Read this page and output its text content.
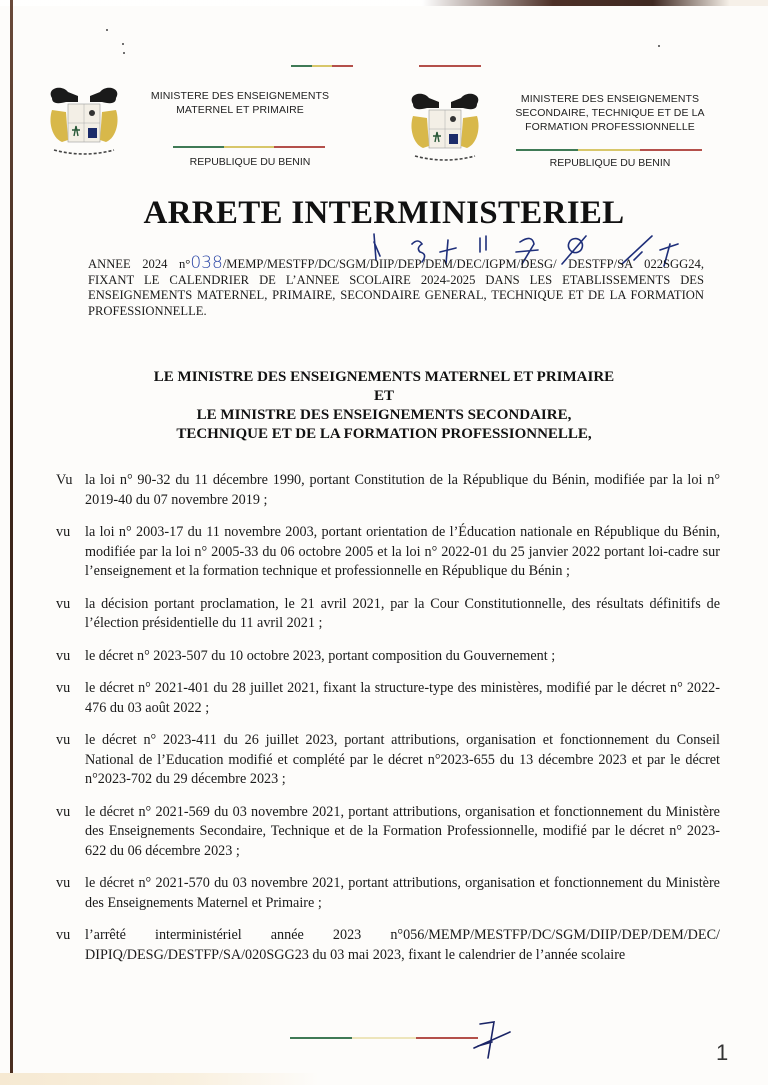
MINISTERE DES ENSEIGNEMENTS
MATERNEL ET PRIMAIRE
REPUBLIQUE DU BENIN
MINISTERE DES ENSEIGNEMENTS
SECONDAIRE, TECHNIQUE ET DE LA
FORMATION PROFESSIONNELLE
REPUBLIQUE DU BENIN
ARRETE INTERMINISTERIEL
ANNEE 2024 n°038/MEMP/MESTFP/DC/SGM/DIIP/DEP/DEM/DEC/IGPM/DESG/ DESTFP/SA 022SGG24, FIXANT LE CALENDRIER DE L’ANNEE SCOLAIRE 2024-2025 DANS LES ETABLISSEMENTS DES ENSEIGNEMENTS MATERNEL, PRIMAIRE, SECONDAIRE GENERAL, TECHNIQUE ET DE LA FORMATION PROFESSIONNELLE.
LE MINISTRE DES ENSEIGNEMENTS MATERNEL ET PRIMAIRE
ET
LE MINISTRE DES ENSEIGNEMENTS SECONDAIRE,
TECHNIQUE ET DE LA FORMATION PROFESSIONNELLE,
Vu la loi n° 90-32 du 11 décembre 1990, portant Constitution de la République du Bénin, modifiée par la loi n° 2019-40 du 07 novembre 2019 ;
vu	la loi n° 2003-17 du 11 novembre 2003, portant orientation de l’Éducation nationale en République du Bénin, modifiée par la loi n° 2005-33 du 06 octobre 2005 et la loi n° 2022-01 du 25 janvier 2022 portant loi-cadre sur l’enseignement et la formation technique et professionnelle en République du Bénin ;
vu	la décision portant proclamation, le 21 avril 2021, par la Cour Constitutionnelle, des résultats définitifs de l’élection présidentielle du 11 avril 2021 ;
vu	le décret n° 2023-507 du 10 octobre 2023, portant composition du Gouvernement ;
vu	le décret n° 2021-401 du 28 juillet 2021, fixant la structure-type des ministères, modifié par le décret n° 2022-476 du 03 août 2022 ;
vu	le décret n° 2023-411 du 26 juillet 2023, portant attributions, organisation et fonctionnement du Conseil National de l’Education modifié et complété par le décret n°2023-655 du 13 décembre 2023 et par le décret n°2023-702 du 29 décembre 2023 ;
vu	le décret n° 2021-569 du 03 novembre 2021, portant attributions, organisation et fonctionnement du Ministère des Enseignements Secondaire, Technique et de la Formation Professionnelle, modifié par le décret n° 2023-622 du 06 décembre 2023 ;
vu	le décret n° 2021-570 du 03 novembre 2021, portant attributions, organisation et fonctionnement du Ministère des Enseignements Maternel et Primaire ;
vu	l’arrêté interministériel année 2023 n°056/MEMP/MESTFP/DC/SGM/DIIP/DEP/DEM/DEC/ DIPIQ/DESG/DESTFP/SA/020SGG23 du 03 mai 2023, fixant le calendrier de l’année scolaire
1
